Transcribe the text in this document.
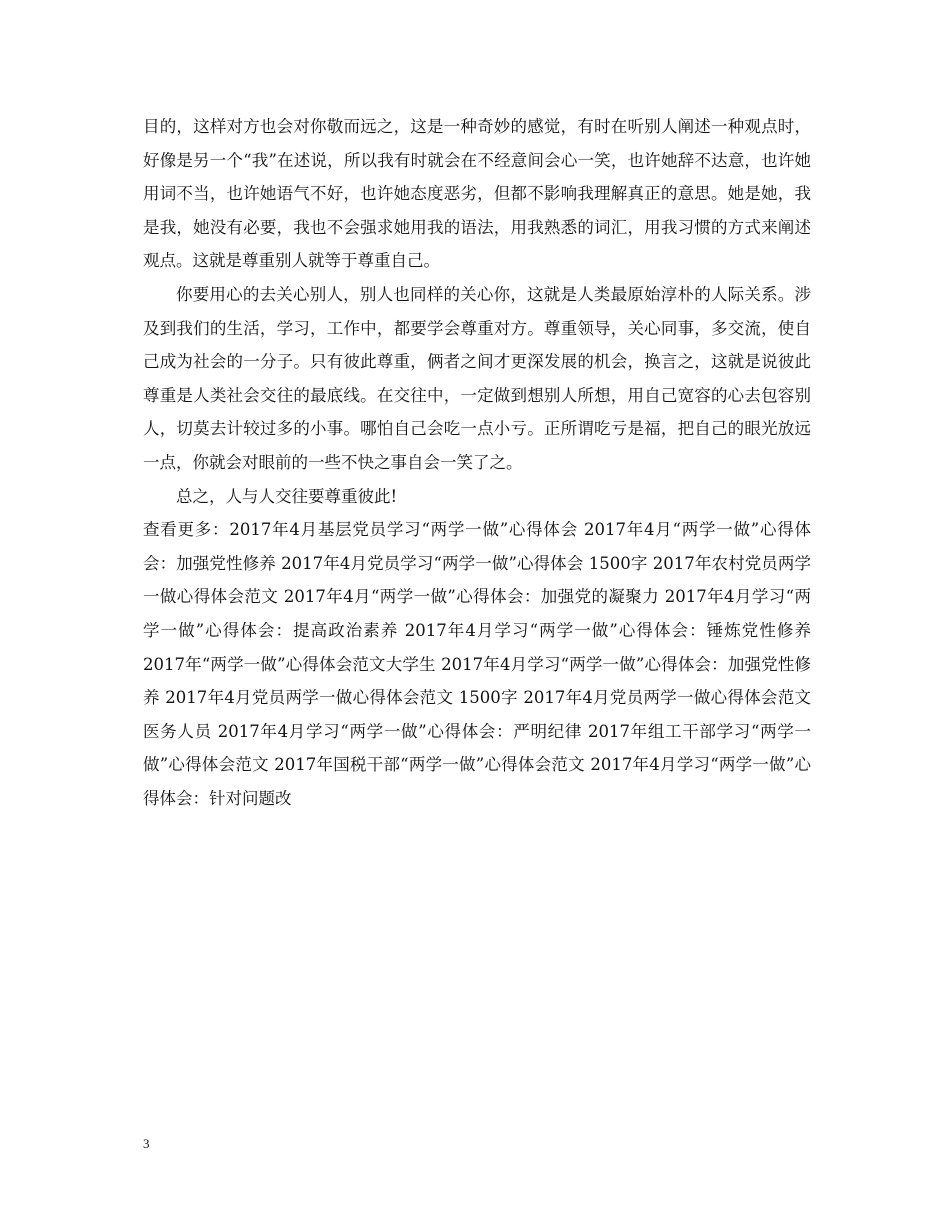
目的，这样对方也会对你敬而远之，这是一种奇妙的感觉，有时在听别人阐述一种观点时，好像是另一个“我”在述说，所以我有时就会在不经意间会心一笑，也许她辞不达意，也许她用词不当，也许她语气不好，也许她态度恶劣，但都不影响我理解真正的意思。她是她，我是我，她没有必要，我也不会强求她用我的语法，用我熟悉的词汇，用我习惯的方式来阐述观点。这就是尊重别人就等于尊重自己。

你要用心的去关心别人，别人也同样的关心你，这就是人类最原始淳朴的人际关系。涉及到我们的生活，学习，工作中，都要学会尊重对方。尊重领导，关心同事，多交流，使自己成为社会的一分子。只有彼此尊重，俩者之间才更深发展的机会，换言之，这就是说彼此尊重是人类社会交往的最底线。在交往中，一定做到想别人所想，用自己宽容的心去包容别人，切莫去计较过多的小事。哪怕自己会吃一点小亏。正所谓吃亏是福，把自己的眼光放远一点，你就会对眼前的一些不快之事自会一笑了之。

总之，人与人交往要尊重彼此!

查看更多：2017年4月基层党员学习“两学一做”心得体会 2017年4月“两学一做”心得体会：加强党性修养 2017年4月党员学习“两学一做”心得体会 1500字 2017年农村党员两学一做心得体会范文 2017年4月“两学一做”心得体会：加强党的凝聚力 2017年4月学习“两学一做”心得体会：提高政治素养 2017年4月学习“两学一做”心得体会：锤炼党性修养 2017年“两学一做”心得体会范文大学生 2017年4月学习“两学一做”心得体会：加强党性修养 2017年4月党员两学一做心得体会范文 1500字 2017年4月党员两学一做心得体会范文医务人员 2017年4月学习“两学一做”心得体会：严明纪律 2017年组工干部学习“两学一做”心得体会范文 2017年国税干部“两学一做”心得体会范文 2017年4月学习“两学一做”心得体会：针对问题改

3
